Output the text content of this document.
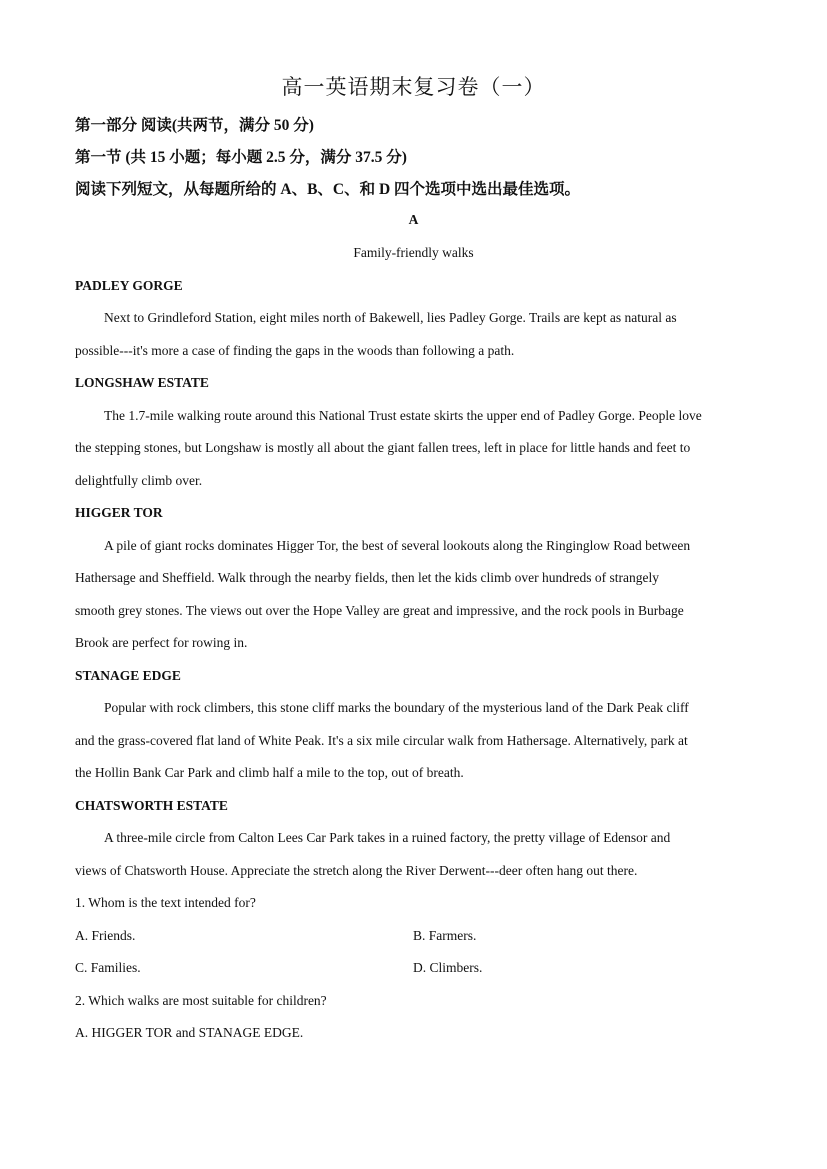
高一英语期末复习卷（一）
第一部分 阅读(共两节，满分 50 分)
第一节 (共 15 小题；每小题 2.5 分，满分 37.5 分)
阅读下列短文，从每题所给的 A、B、C、和 D 四个选项中选出最佳选项。
A
Family-friendly walks
PADLEY GORGE
Next to Grindleford Station, eight miles north of Bakewell, lies Padley Gorge. Trails are kept as natural as
possible---it's more a case of finding the gaps in the woods than following a path.
LONGSHAW ESTATE
The 1.7-mile walking route around this National Trust estate skirts the upper end of Padley Gorge. People love
the stepping stones, but Longshaw is mostly all about the giant fallen trees, left in place for little hands and feet to
delightfully climb over.
HIGGER TOR
A pile of giant rocks dominates Higger Tor, the best of several lookouts along the Ringinglow Road between
Hathersage and Sheffield. Walk through the nearby fields, then let the kids climb over hundreds of strangely
smooth grey stones. The views out over the Hope Valley are great and impressive, and the rock pools in Burbage
Brook are perfect for rowing in.
STANAGE EDGE
Popular with rock climbers, this stone cliff marks the boundary of the mysterious land of the Dark Peak cliff
and the grass-covered flat land of White Peak. It's a six mile circular walk from Hathersage. Alternatively, park at
the Hollin Bank Car Park and climb half a mile to the top, out of breath.
CHATSWORTH ESTATE
A three-mile circle from Calton Lees Car Park takes in a ruined factory, the pretty village of Edensor and
views of Chatsworth House. Appreciate the stretch along the River Derwent---deer often hang out there.
1. Whom is the text intended for?
A. Friends.	B. Farmers.
C. Families.	D. Climbers.
2. Which walks are most suitable for children?
A. HIGGER TOR and STANAGE EDGE.
